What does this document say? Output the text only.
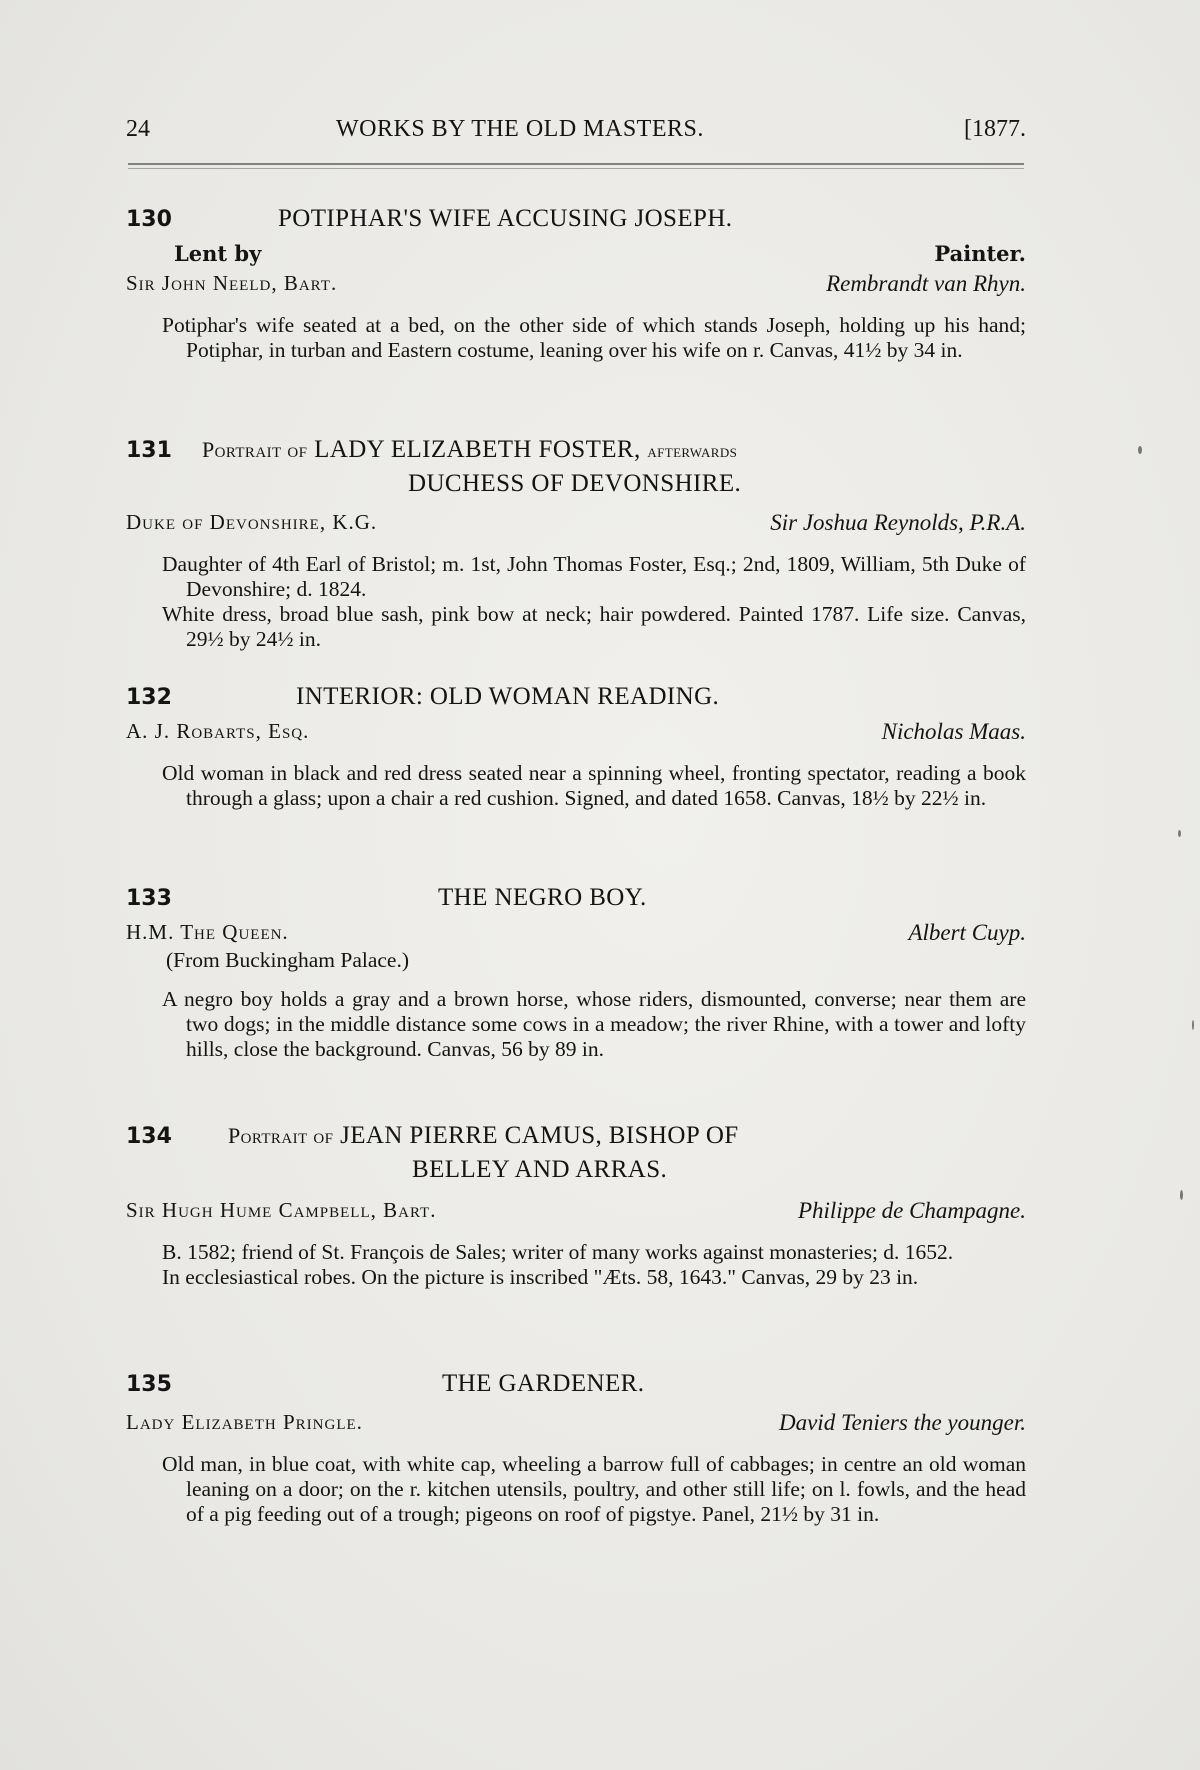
24	WORKS BY THE OLD MASTERS.	[1877.
130	POTIPHAR'S WIFE ACCUSING JOSEPH.
Lent by	Painter.
Sir John Neeld, Bart.	Rembrandt van Rhyn.
Potiphar's wife seated at a bed, on the other side of which stands Joseph, holding up his hand; Potiphar, in turban and Eastern costume, leaning over his wife on r. Canvas, 41½ by 34 in.
131 Portrait of LADY ELIZABETH FOSTER, afterwards
DUCHESS OF DEVONSHIRE.
Duke of Devonshire, K.G.	Sir Joshua Reynolds, P.R.A.
Daughter of 4th Earl of Bristol; m. 1st, John Thomas Foster, Esq.; 2nd, 1809, William, 5th Duke of Devonshire; d. 1824.
White dress, broad blue sash, pink bow at neck; hair powdered. Painted 1787. Life size. Canvas, 29½ by 24½ in.
132	INTERIOR: OLD WOMAN READING.
A. J. Robarts, Esq.	Nicholas Maas.
Old woman in black and red dress seated near a spinning wheel, fronting spectator, reading a book through a glass; upon a chair a red cushion. Signed, and dated 1658. Canvas, 18½ by 22½ in.
133	THE NEGRO BOY.
H.M. The Queen.	Albert Cuyp.
(From Buckingham Palace.)
A negro boy holds a gray and a brown horse, whose riders, dismounted, converse; near them are two dogs; in the middle distance some cows in a meadow; the river Rhine, with a tower and lofty hills, close the background. Canvas, 56 by 89 in.
134	Portrait of JEAN PIERRE CAMUS, BISHOP OF
BELLEY AND ARRAS.
Sir Hugh Hume Campbell, Bart.	Philippe de Champagne.
B. 1582; friend of St. François de Sales; writer of many works against monasteries; d. 1652.
In ecclesiastical robes. On the picture is inscribed "Æts. 58, 1643." Canvas, 29 by 23 in.
135	THE GARDENER.
Lady Elizabeth Pringle.	David Teniers the younger.
Old man, in blue coat, with white cap, wheeling a barrow full of cabbages; in centre an old woman leaning on a door; on the r. kitchen utensils, poultry, and other still life; on l. fowls, and the head of a pig feeding out of a trough; pigeons on roof of pigstye. Panel, 21½ by 31 in.
